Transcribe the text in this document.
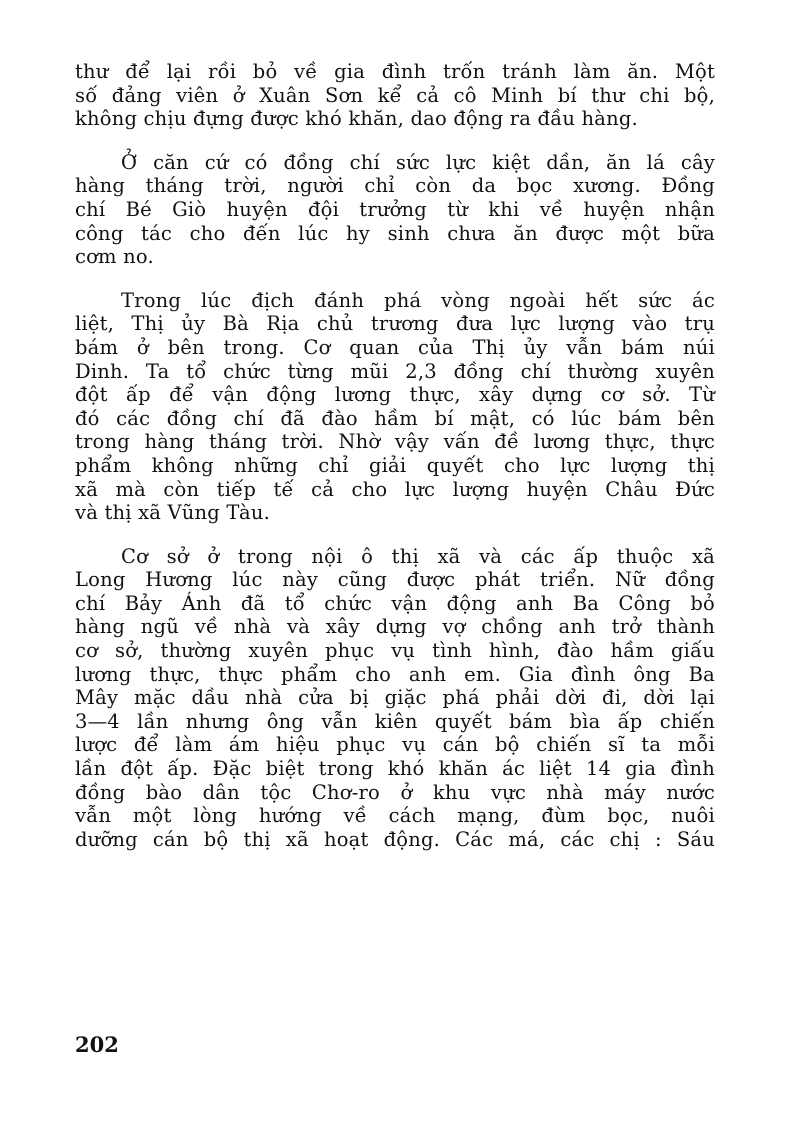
thư để lại rồi bỏ về gia đình trốn tránh làm ăn. Một
số đảng viên ở Xuân Sơn kể cả cô Minh bí thư chi bộ,
không chịu đựng được khó khăn, dao động ra đầu hàng.

Ở căn cứ có đồng chí sức lực kiệt dần, ăn lá cây
hàng tháng trời, người chỉ còn da bọc xương. Đồng
chí Bé Giò huyện đội trưởng từ khi về huyện nhận
công tác cho đến lúc hy sinh chưa ăn được một bữa
cơm no.

Trong lúc địch đánh phá vòng ngoài hết sức ác
liệt, Thị ủy Bà Rịa chủ trương đưa lực lượng vào trụ
bám ở bên trong. Cơ quan của Thị ủy vẫn bám núi
Dinh. Ta tổ chức từng mũi 2,3 đồng chí thường xuyên
đột ấp để vận động lương thực, xây dựng cơ sở. Từ
đó các đồng chí đã đào hầm bí mật, có lúc bám bên
trong hàng tháng trời. Nhờ vậy vấn đề lương thực, thực
phẩm không những chỉ giải quyết cho lực lượng thị
xã mà còn tiếp tế cả cho lực lượng huyện Châu Đức
và thị xã Vũng Tàu.

Cơ sở ở trong nội ô thị xã và các ấp thuộc xã
Long Hương lúc này cũng được phát triển. Nữ đồng
chí Bảy Ánh đã tổ chức vận động anh Ba Công bỏ
hàng ngũ về nhà và xây dựng vợ chồng anh trở thành
cơ sở, thường xuyên phục vụ tình hình, đào hầm giấu
lương thực, thực phẩm cho anh em. Gia đình ông Ba
Mây mặc dầu nhà cửa bị giặc phá phải dời đi, dời lại
3—4 lần nhưng ông vẫn kiên quyết bám bìa ấp chiến
lược để làm ám hiệu phục vụ cán bộ chiến sĩ ta mỗi
lần đột ấp. Đặc biệt trong khó khăn ác liệt 14 gia đình
đồng bào dân tộc Chơ-ro ở khu vực nhà máy nước
vẫn một lòng hướng về cách mạng, đùm bọc, nuôi
dưỡng cán bộ thị xã hoạt động. Các má, các chị : Sáu

202
